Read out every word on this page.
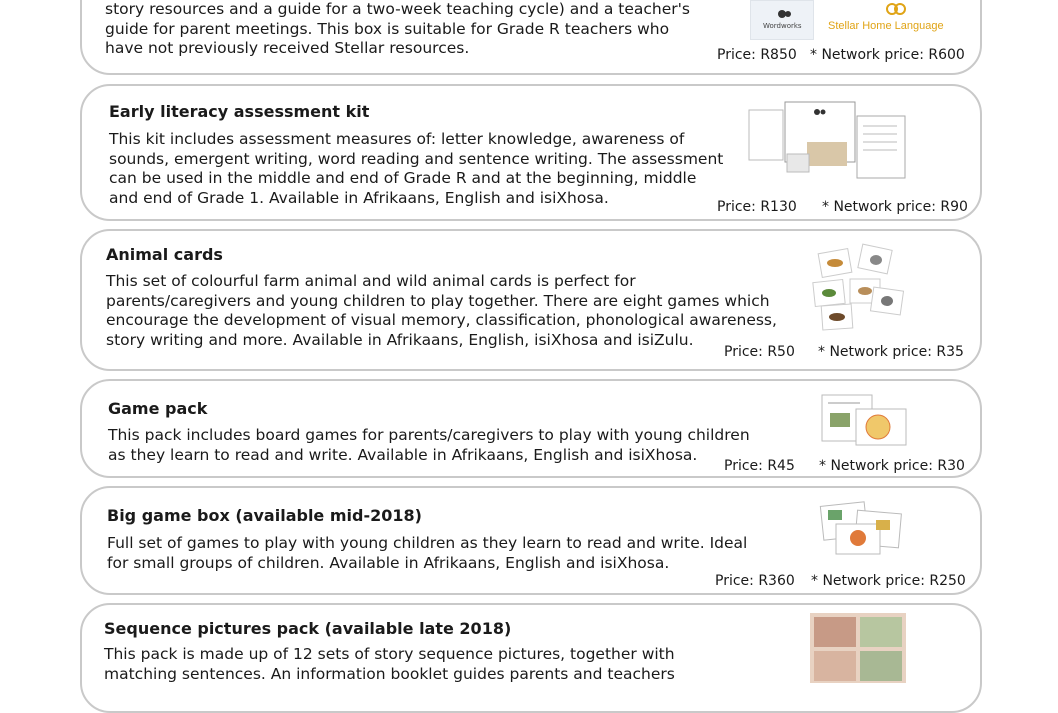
story resources and a guide for a two-week teaching cycle) and a teacher's
guide for parent meetings. This box is suitable for Grade R teachers who
have not previously received Stellar resources.
Wordworks Stellar Home Language
Price: R850 * Network price: R600
Early literacy assessment kit
This kit includes assessment measures of: letter knowledge, awareness of
sounds, emergent writing, word reading and sentence writing. The assessment
can be used in the middle and end of Grade R and at the beginning, middle
and end of Grade 1. Available in Afrikaans, English and isiXhosa.
Price: R130 * Network price: R90
Animal cards
This set of colourful farm animal and wild animal cards is perfect for
parents/caregivers and young children to play together. There are eight games which
encourage the development of visual memory, classification, phonological awareness,
story writing and more. Available in Afrikaans, English, isiXhosa and isiZulu.
Price: R50 * Network price: R35
Game pack
This pack includes board games for parents/caregivers to play with young children
as they learn to read and write. Available in Afrikaans, English and isiXhosa.
Price: R45 * Network price: R30
Big game box (available mid-2018)
Full set of games to play with young children as they learn to read and write. Ideal
for small groups of children. Available in Afrikaans, English and isiXhosa.
Price: R360 * Network price: R250
Sequence pictures pack (available late 2018)
This pack is made up of 12 sets of story sequence pictures, together with
matching sentences. An information booklet guides parents and teachers
